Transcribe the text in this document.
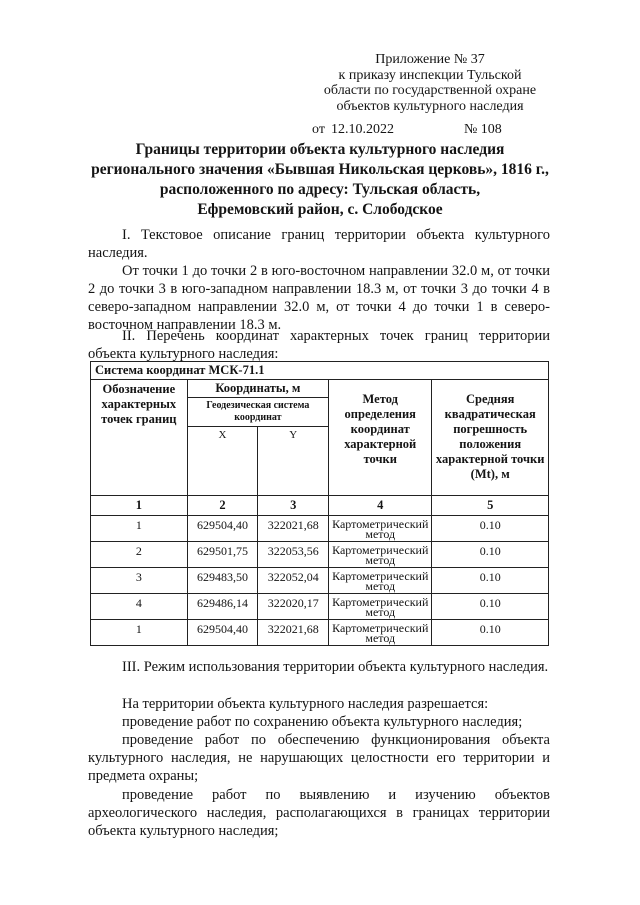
Приложение № 37
к приказу инспекции Тульской
области по государственной охране
объектов культурного наследия
от 12.10.2022	№ 108
Границы территории объекта культурного наследия
регионального значения «Бывшая Никольская церковь», 1816 г.,
расположенного по адресу: Тульская область,
Ефремовский район, с. Слободское
I. Текстовое описание границ территории объекта культурного наследия.
От точки 1 до точки 2 в юго-восточном направлении 32.0 м, от точки 2 до точки 3 в юго-западном направлении 18.3 м, от точки 3 до точки 4 в северо-западном направлении 32.0 м, от точки 4 до точки 1 в северо-восточном направлении 18.3 м.
II. Перечень координат характерных точек границ территории объекта культурного наследия:
Система координат МСК-71.1				
Обозначение характерных точек границ	Координаты, м		Метод определения координат характерной точки	Средняя квадратическая погрешность положения характерной точки (Mt), м
	Геодезическая система координат			
	X	Y		
1	2	3	4	5
1	629504,40	322021,68	Картометрический метод	0.10
2	629501,75	322053,56	Картометрический метод	0.10
3	629483,50	322052,04	Картометрический метод	0.10
4	629486,14	322020,17	Картометрический метод	0.10
1	629504,40	322021,68	Картометрический метод	0.10
III. Режим использования территории объекта культурного наследия.
На территории объекта культурного наследия разрешается:
проведение работ по сохранению объекта культурного наследия;
проведение работ по обеспечению функционирования объекта культурного наследия, не нарушающих целостности его территории и предмета охраны;
проведение работ по выявлению и изучению объектов археологического наследия, располагающихся в границах территории объекта культурного наследия;
